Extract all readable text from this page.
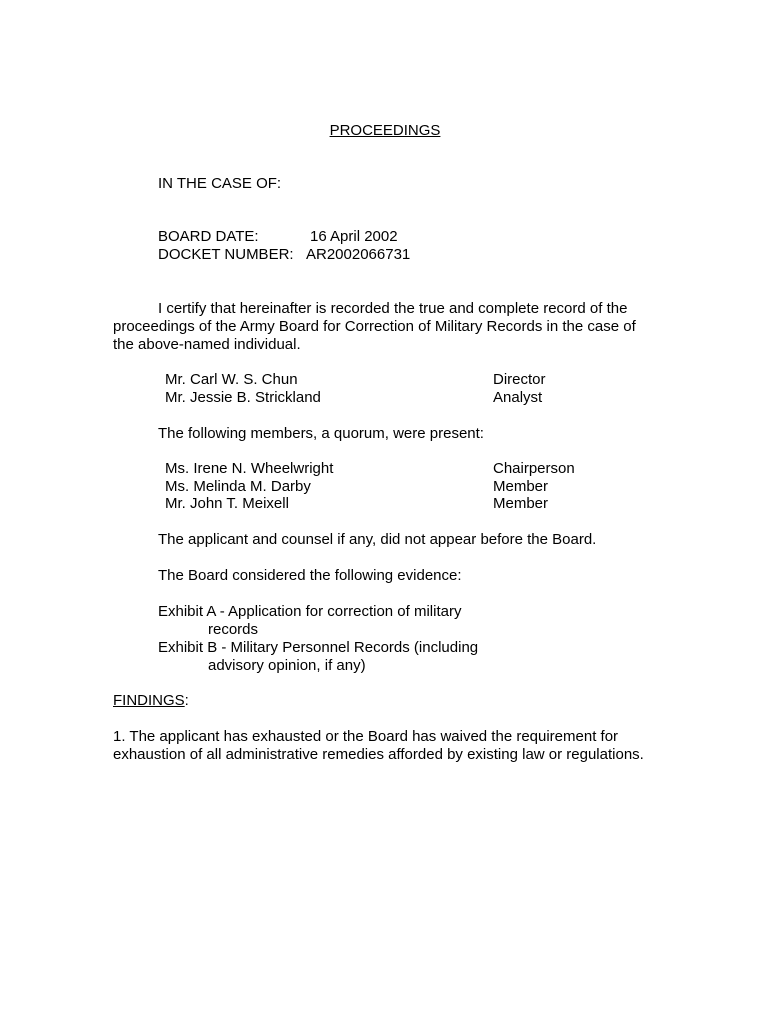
PROCEEDINGS
IN THE CASE OF:
BOARD DATE:	16 April 2002
DOCKET NUMBER: AR2002066731
I certify that hereinafter is recorded the true and complete record of the
proceedings of the Army Board for Correction of Military Records in the case of
the above-named individual.
Mr. Carl W. S. Chun	Director
Mr. Jessie B. Strickland	Analyst
The following members, a quorum, were present:
Ms. Irene N. Wheelwright	Chairperson
Ms. Melinda M. Darby	Member
Mr. John T. Meixell	Member
The applicant and counsel if any, did not appear before the Board.
The Board considered the following evidence:
Exhibit A - Application for correction of military
records
Exhibit B - Military Personnel Records (including
advisory opinion, if any)
FINDINGS:
1. The applicant has exhausted or the Board has waived the requirement for
exhaustion of all administrative remedies afforded by existing law or regulations.
